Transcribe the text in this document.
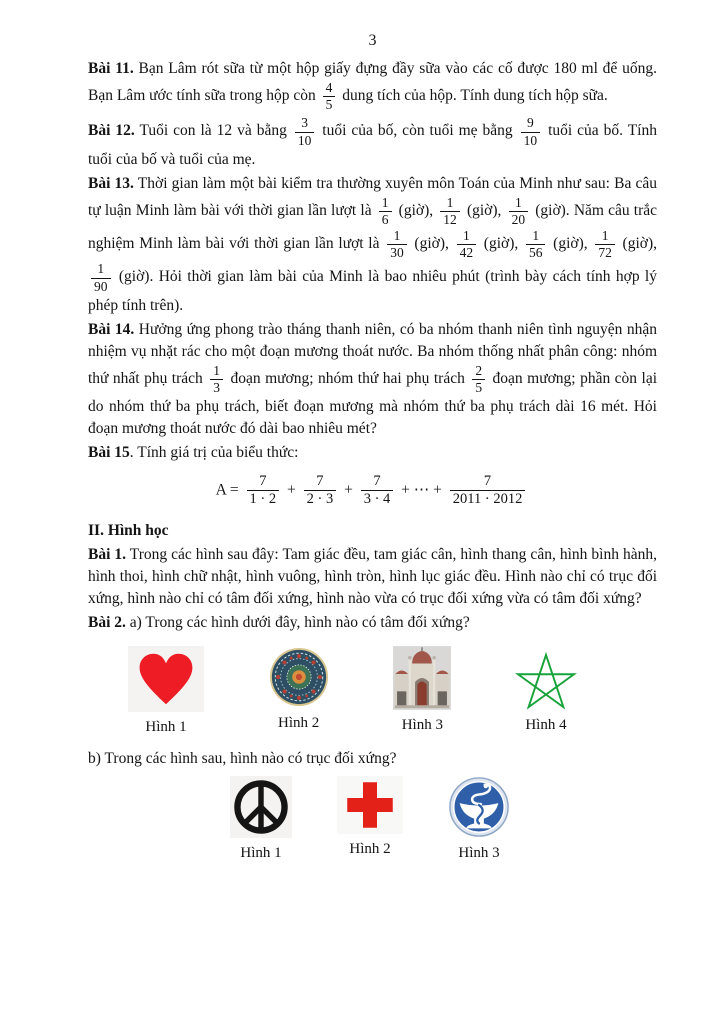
3
Bài 11. Bạn Lâm rót sữa từ một hộp giấy đựng đầy sữa vào các cố được 180 ml để uống. Bạn Lâm ước tính sữa trong hộp còn $\frac{4}{5}$ dung tích của hộp. Tính dung tích hộp sữa.
Bài 12. Tuổi con là 12 và bằng $\frac{3}{10}$ tuổi của bố, còn tuổi mẹ bằng $\frac{9}{10}$ tuổi của bố. Tính tuổi của bố và tuổi của mẹ.
Bài 13. Thời gian làm một bài kiểm tra thường xuyên môn Toán của Minh như sau: Ba câu tự luận Minh làm bài với thời gian lần lượt là $\frac{1}{6}$ (giờ), $\frac{1}{12}$ (giờ), $\frac{1}{20}$ (giờ). Năm câu trắc nghiệm Minh làm bài với thời gian lần lượt là $\frac{1}{30}$ (giờ), $\frac{1}{42}$ (giờ), $\frac{1}{56}$ (giờ), $\frac{1}{72}$ (giờ),
$\frac{1}{90}$ (giờ). Hỏi thời gian làm bài của Minh là bao nhiêu phút (trình bày cách tính hợp lý phép tính trên).
Bài 14. Hưởng ứng phong trào tháng thanh niên, có ba nhóm thanh niên tình nguyện nhận nhiệm vụ nhặt rác cho một đoạn mương thoát nước. Ba nhóm thống nhất phân công: nhóm thứ nhất phụ trách $\frac{1}{3}$ đoạn mương; nhóm thứ hai phụ trách $\frac{2}{5}$ đoạn mương; phần còn lại do nhóm thứ ba phụ trách, biết đoạn mương mà nhóm thứ ba phụ trách dài 16 mét. Hỏi đoạn mương thoát nước đó dài bao nhiêu mét?
Bài 15. Tính giá trị của biểu thức:
$A = \frac{7}{1 \cdot 2} + \frac{7}{2 \cdot 3} + \frac{7}{3 \cdot 4}$ + ⋯ + $\frac{7}{2011 \cdot 2012}$
II. Hình học
Bài 1. Trong các hình sau đây: Tam giác đều, tam giác cân, hình thang cân, hình bình hành, hình thoi, hình chữ nhật, hình vuông, hình tròn, hình lục giác đều. Hình nào chỉ có trục đối xứng, hình nào chỉ có tâm đối xứng, hình nào vừa có trục đối xứng vừa có tâm đối xứng?
Bài 2. a) Trong các hình dưới đây, hình nào có tâm đối xứng?
Hình 1	Hình 2	Hình 3	Hình 4

b) Trong các hình sau, hình nào có trục đối xứng?

Hình 1	Hình 2	Hình 3
